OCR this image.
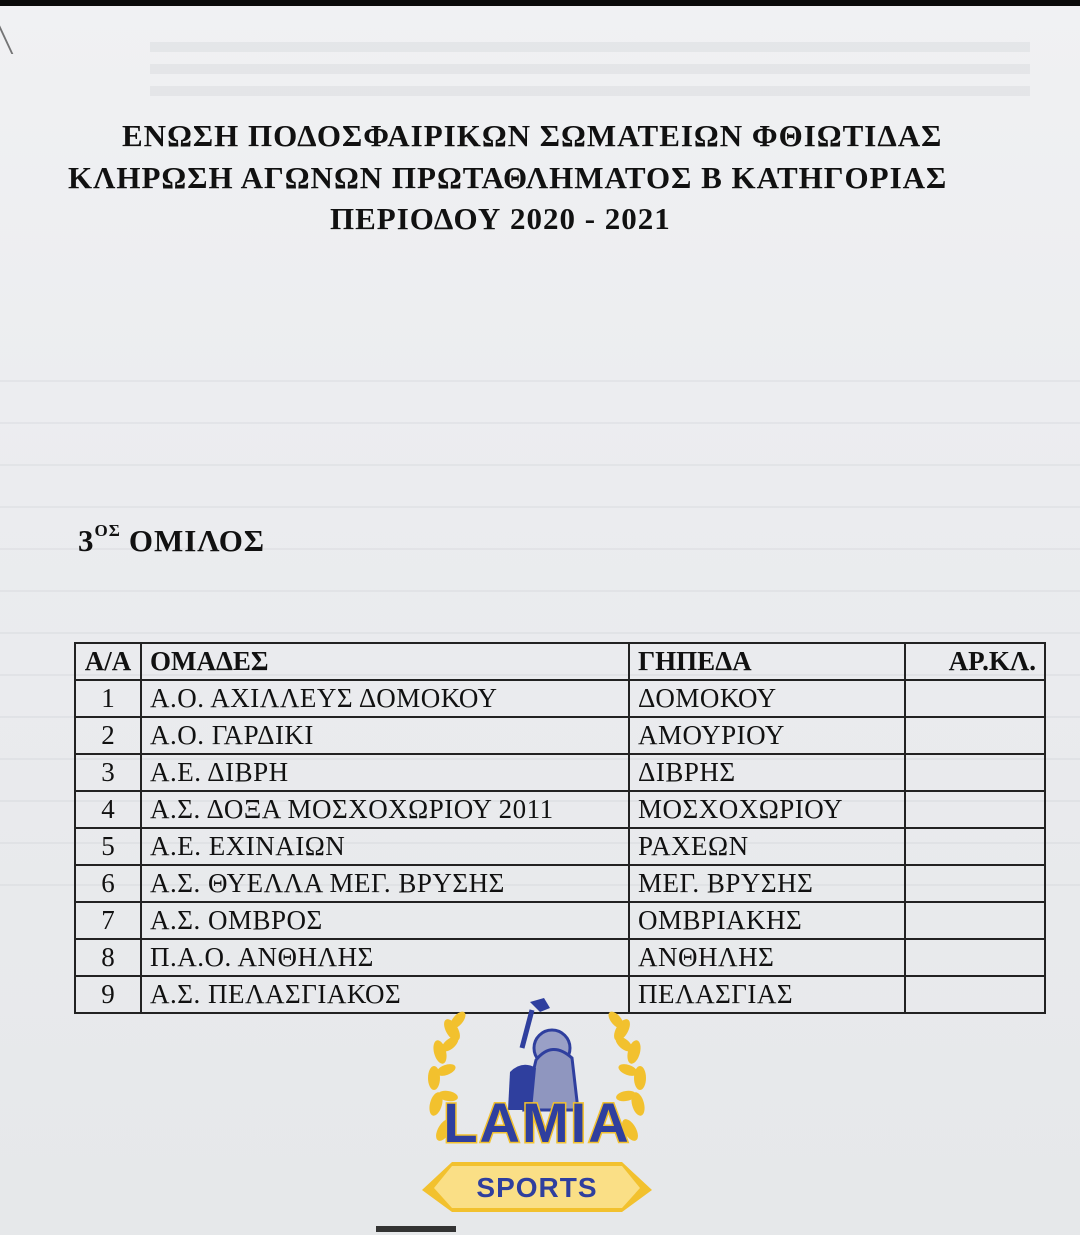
ΕΝΩΣΗ ΠΟΔΟΣΦΑΙΡΙΚΩΝ ΣΩΜΑΤΕΙΩΝ ΦΘΙΩΤΙΔΑΣ
ΚΛΗΡΩΣΗ ΑΓΩΝΩΝ ΠΡΩΤΑΘΛΗΜΑΤΟΣ Β ΚΑΤΗΓΟΡΙΑΣ
ΠΕΡΙΟΔΟΥ 2020 - 2021
$3^{O\Sigma}$ ΟΜΙΛΟΣ
Α/Α	ΟΜΑΔΕΣ	ΓΗΠΕΔΑ	ΑΡ.ΚΛ.
1	Α.Ο. ΑΧΙΛΛΕΥΣ ΔΟΜΟΚΟΥ	ΔΟΜΟΚΟΥ	
2	Α.Ο. ΓΑΡΔΙΚΙ	ΑΜΟΥΡΙΟΥ	
3	Α.Ε. ΔΙΒΡΗ	ΔΙΒΡΗΣ	
4	Α.Σ. ΔΟΞΑ ΜΟΣΧΟΧΩΡΙΟΥ 2011	ΜΟΣΧΟΧΩΡΙΟΥ	
5	Α.Ε. ΕΧΙΝΑΙΩΝ	ΡΑΧΕΩΝ	
6	Α.Σ. ΘΥΕΛΛΑ ΜΕΓ. ΒΡΥΣΗΣ	ΜΕΓ. ΒΡΥΣΗΣ	
7	Α.Σ. ΟΜΒΡΟΣ	ΟΜΒΡΙΑΚΗΣ	
8	Π.Α.Ο. ΑΝΘΗΛΗΣ	ΑΝΘΗΛΗΣ	
9	Α.Σ. ΠΕΛΑΣΓΙΑΚΟΣ	ΠΕΛΑΣΓΙΑΣ	
LAMIA
SPORTS
